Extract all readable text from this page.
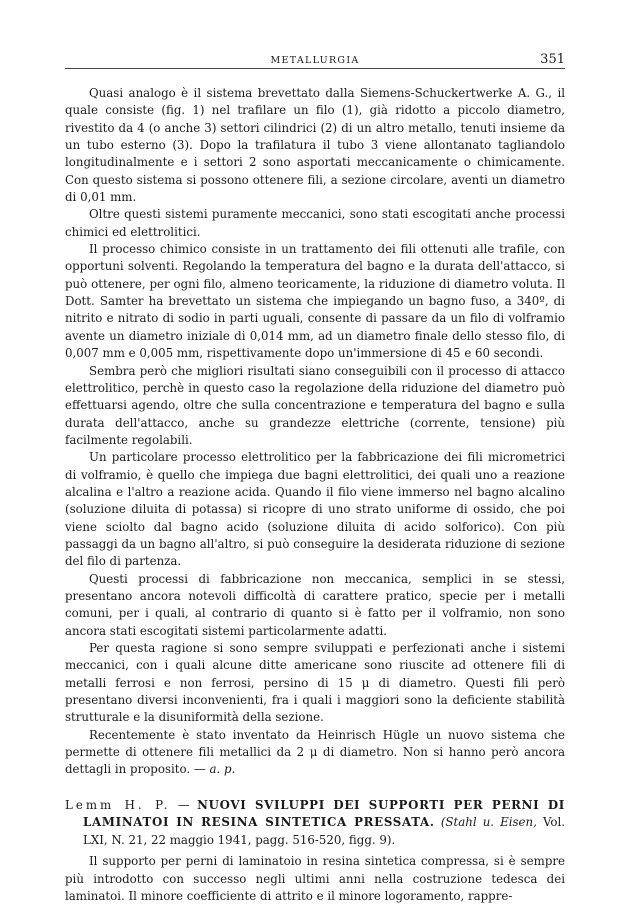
METALLURGIA	351

Quasi analogo è il sistema brevettato dalla Siemens-Schuckertwerke A. G., il quale consiste (fig. 1) nel trafilare un filo (1), già ridotto a piccolo diametro, rivestito da 4 (o anche 3) settori cilindrici (2) di un altro metallo, tenuti insieme da un tubo esterno (3). Dopo la trafilatura il tubo 3 viene allontanato tagliandolo longitudinalmente e i settori 2 sono asportati meccanicamente o chimicamente. Con questo sistema si possono ottenere fili, a sezione circolare, aventi un diametro di 0,01 mm.

Oltre questi sistemi puramente meccanici, sono stati escogitati anche processi chimici ed elettrolitici.

Il processo chimico consiste in un trattamento dei fili ottenuti alle trafile, con opportuni solventi. Regolando la temperatura del bagno e la durata dell'attacco, si può ottenere, per ogni filo, almeno teoricamente, la riduzione di diametro voluta. Il Dott. Samter ha brevettato un sistema che impiegando un bagno fuso, a 340º, di nitrito e nitrato di sodio in parti uguali, consente di passare da un filo di volframio avente un diametro iniziale di 0,014 mm, ad un diametro finale dello stesso filo, di 0,007 mm e 0,005 mm, rispettivamente dopo un'immersione di 45 e 60 secondi.

Sembra però che migliori risultati siano conseguibili con il processo di attacco elettrolitico, perchè in questo caso la regolazione della riduzione del diametro può effettuarsi agendo, oltre che sulla concentrazione e temperatura del bagno e sulla durata dell'attacco, anche su grandezze elettriche (corrente, tensione) più facilmente regolabili.

Un particolare processo elettrolitico per la fabbricazione dei fili micrometrici di volframio, è quello che impiega due bagni elettrolitici, dei quali uno a reazione alcalina e l'altro a reazione acida. Quando il filo viene immerso nel bagno alcalino (soluzione diluita di potassa) si ricopre di uno strato uniforme di ossido, che poi viene sciolto dal bagno acido (soluzione diluita di acido solforico). Con più passaggi da un bagno all'altro, si può conseguire la desiderata riduzione di sezione del filo di partenza.

Questi processi di fabbricazione non meccanica, semplici in se stessi, presentano ancora notevoli difficoltà di carattere pratico, specie per i metalli comuni, per i quali, al contrario di quanto si è fatto per il volframio, non sono ancora stati escogitati sistemi particolarmente adatti.

Per questa ragione si sono sempre sviluppati e perfezionati anche i sistemi meccanici, con i quali alcune ditte americane sono riuscite ad ottenere fili di metalli ferrosi e non ferrosi, persino di 15 μ di diametro. Questi fili però presentano diversi inconvenienti, fra i quali i maggiori sono la deficiente stabilità strutturale e la disuniformità della sezione.

Recentemente è stato inventato da Heinrisch Hügle un nuovo sistema che permette di ottenere fili metallici da 2 μ di diametro. Non si hanno però ancora dettagli in proposito. — a. p.

Lemm H. P. — NUOVI SVILUPPI DEI SUPPORTI PER PERNI DI LAMINATOI IN RESINA SINTETICA PRESSATA. (Stahl u. Eisen, Vol. LXI, N. 21, 22 maggio 1941, pagg. 516-520, figg. 9).

Il supporto per perni di laminatoio in resina sintetica compressa, si è sempre più introdotto con successo negli ultimi anni nella costruzione tedesca dei laminatoi. Il minore coefficiente di attrito e il minore logoramento, rappre-
